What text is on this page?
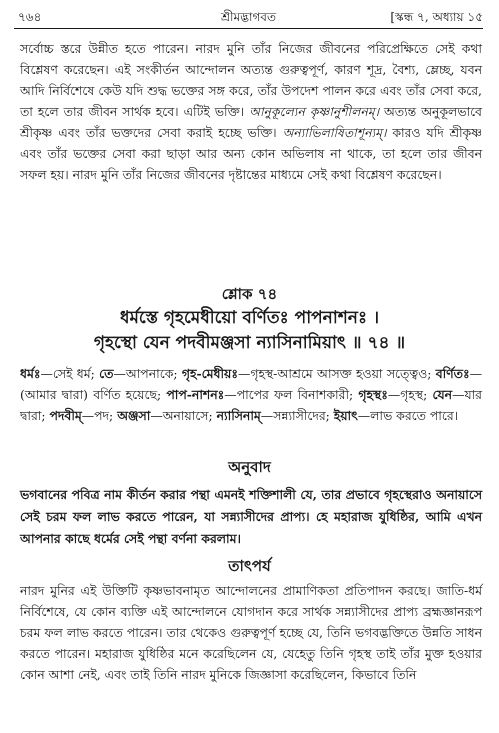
৭৬৪	শ্রীমদ্ভাগবত	[স্কন্ধ ৭, অধ্যায় ১৫

সর্বোচ্চ স্তরে উন্নীত হতে পারেন। নারদ মুনি তাঁর নিজের জীবনের পরিপ্রেক্ষিতে সেই কথা বিশ্লেষণ করেছেন। এই সংকীর্তন আন্দোলন অত্যন্ত গুরুত্বপূর্ণ, কারণ শূদ্র, বৈশ্য, ম্লেচ্ছ, যবন আদি নির্বিশেষে কেউ যদি শুদ্ধ ভক্তের সঙ্গ করে, তাঁর উপদেশ পালন করে এবং তাঁর সেবা করে, তা হলে তার জীবন সার্থক হবে। এটিই ভক্তি। আনুকূল্যেন কৃষ্ণানুশীলনম্। অত্যন্ত অনুকূলভাবে শ্রীকৃষ্ণ এবং তাঁর ভক্তদের সেবা করাই হচ্ছে ভক্তি। অন্যাভিলাষিতাশূন্যম্। কারও যদি শ্রীকৃষ্ণ এবং তাঁর ভক্তের সেবা করা ছাড়া আর অন্য কোন অভিলাষ না থাকে, তা হলে তার জীবন সফল হয়। নারদ মুনি তাঁর নিজের জীবনের দৃষ্টান্তের মাধ্যমে সেই কথা বিশ্লেষণ করেছেন।

শ্লোক ৭৪
ধর্মস্তে গৃহমেধীয়ো বর্ণিতঃ পাপনাশনঃ ।
গৃহস্থো যেন পদবীমঞ্জসা ন্যাসিনামিয়াৎ ॥ ৭৪ ॥

ধর্মঃ—সেই ধর্ম; তে—আপনাকে; গৃহ-মেধীয়ঃ—গৃহস্থ-আশ্রমে আসক্ত হওয়া সত্ত্বেও; বর্ণিতঃ—(আমার দ্বারা) বর্ণিত হয়েছে; পাপ-নাশনঃ—পাপের ফল বিনাশকারী; গৃহস্থঃ—গৃহস্থ; যেন—যার দ্বারা; পদবীম্—পদ; অঞ্জসা—অনায়াসে; ন্যাসিনাম্—সন্ন্যাসীদের; ইয়াৎ—লাভ করতে পারে।

অনুবাদ

ভগবানের পবিত্র নাম কীর্তন করার পন্থা এমনই শক্তিশালী যে, তার প্রভাবে গৃহস্থেরাও অনায়াসে সেই চরম ফল লাভ করতে পারেন, যা সন্ন্যাসীদের প্রাপ্য। হে মহারাজ যুধিষ্ঠির, আমি এখন আপনার কাছে ধর্মের সেই পন্থা বর্ণনা করলাম।

তাৎপর্য

নারদ মুনির এই উক্তিটি কৃষ্ণভাবনামৃত আন্দোলনের প্রামাণিকতা প্রতিপাদন করছে। জাতি-ধর্ম নির্বিশেষে, যে কোন ব্যক্তি এই আন্দোলনে যোগদান করে সার্থক সন্ন্যাসীদের প্রাপ্য ব্রহ্মজ্ঞানরূপ চরম ফল লাভ করতে পারেন। তার থেকেও গুরুত্বপূর্ণ হচ্ছে যে, তিনি ভগবদ্ভক্তিতে উন্নতি সাধন করতে পারেন। মহারাজ যুধিষ্ঠির মনে করেছিলেন যে, যেহেতু তিনি গৃহস্থ তাই তাঁর মুক্ত হওয়ার কোন আশা নেই, এবং তাই তিনি নারদ মুনিকে জিজ্ঞাসা করেছিলেন, কিভাবে তিনি
